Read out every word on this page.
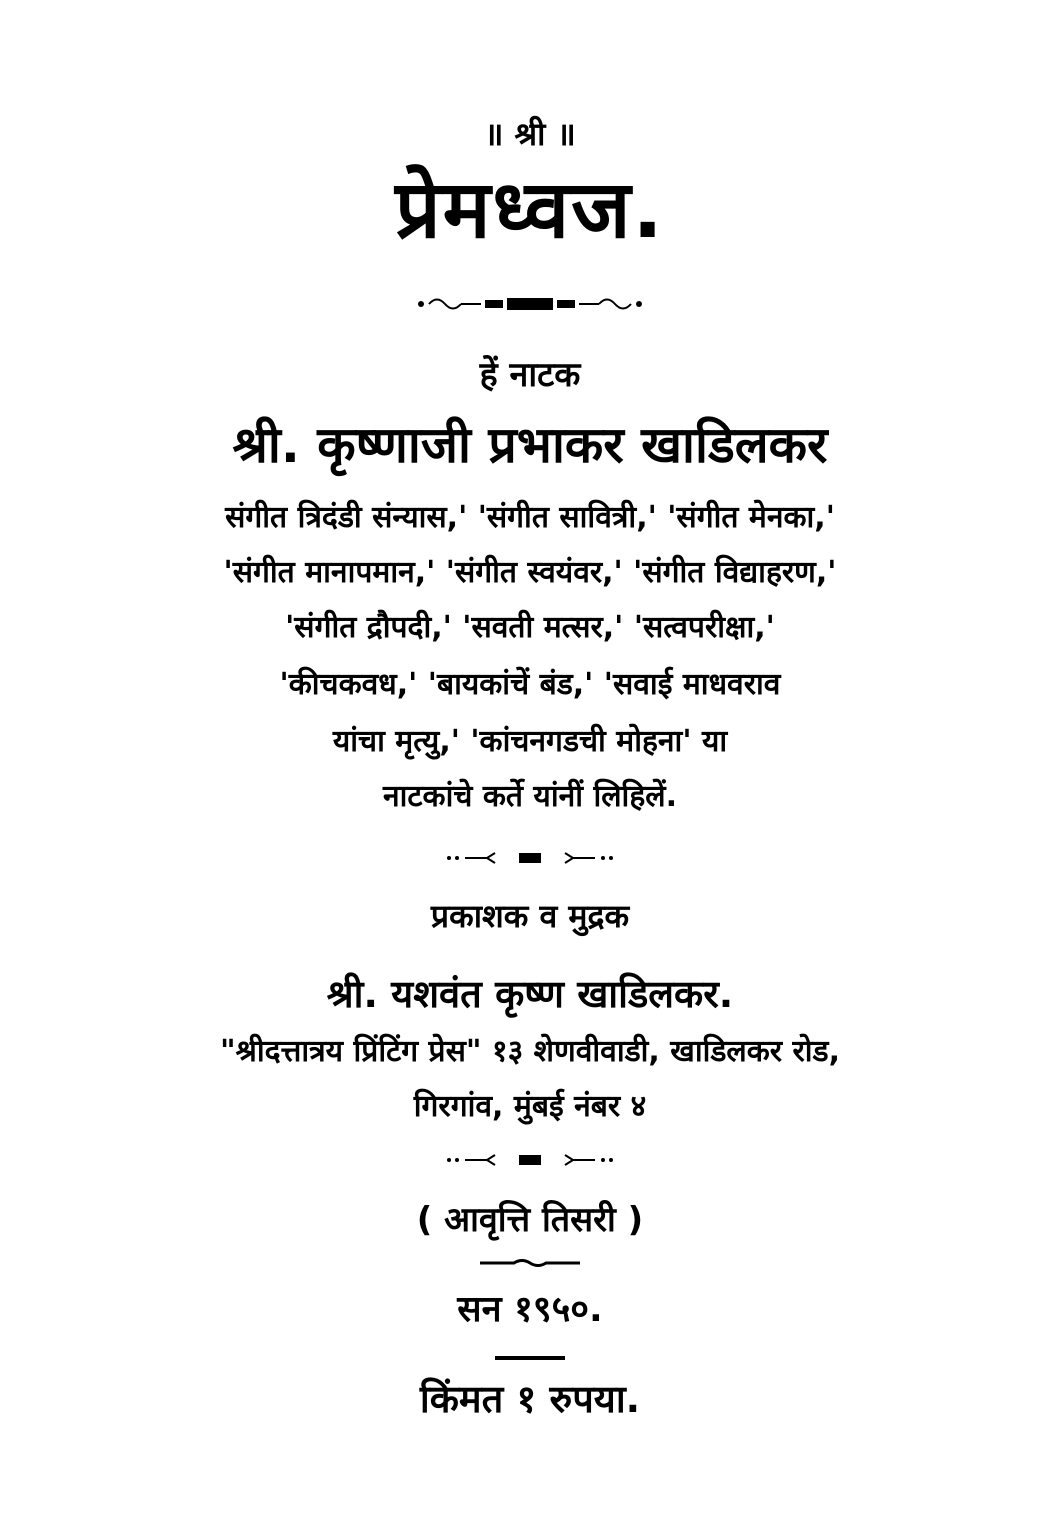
॥ श्री ॥
प्रेमध्वज.
हें नाटक
श्री. कृष्णाजी प्रभाकर खाडिलकर
संगीत त्रिदंडी संन्यास,' 'संगीत सावित्री,' 'संगीत मेनका,'
'संगीत मानापमान,' 'संगीत स्वयंवर,' 'संगीत विद्याहरण,'
'संगीत द्रौपदी,' 'सवती मत्सर,' 'सत्वपरीक्षा,'
'कीचकवध,' 'बायकांचें बंड,' 'सवाई माधवराव
यांचा मृत्यु,' 'कांचनगडची मोहना' या
नाटकांचे कर्ते यांनीं लिहिलें.
प्रकाशक व मुद्रक
श्री. यशवंत कृष्ण खाडिलकर.
"श्रीदत्तात्रय प्रिंटिंग प्रेस" १३ शेणवीवाडी, खाडिलकर रोड,
गिरगांव, मुंबई नंबर ४
( आवृत्ति तिसरी )
सन १९५०.
किंमत १ रुपया.
